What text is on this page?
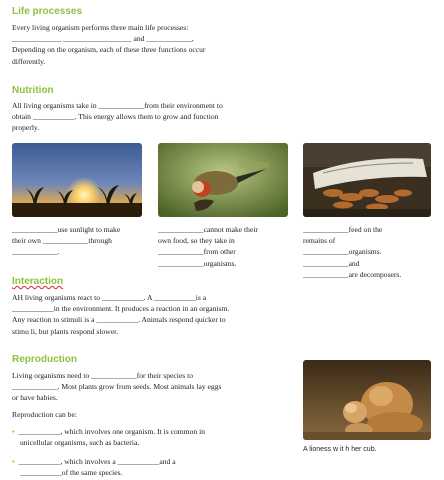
Life processes
Every living organism performs three main life processes:
_____________ __________________ and ____________,
Depending on the organism, each of these three functions occur
differently.
Nutrition
All living organisms take in ____________from their environment to
obtain ___________. This energy allows them to grow and function
properly.
____________use sunlight to make
their own ____________through
____________.
____________cannot make their
own food, so they take in
____________from other
____________organisms.
____________feed on the
remains of
____________organisms.
____________and
____________are decomposers.
Interaction
AH living organisms react to ___________. A ___________is a
___________in the environment. It produces a reaction in an organism.
Any reaction to stimuli is a ___________. Animals respond quicker to
stimu li, but plants respond slower.
Reproduction
Living organisms need to ____________for their species to
____________. Most plants grow from seeds. Most animals lay eggs
or have babies.
Reproduction can be:
• ___________, which involves one organism. It is common in
unicellular organisms, such as bacteria.
• ___________, which involves a ___________and a
___________of the same species.
A lioness w it h her cub.
